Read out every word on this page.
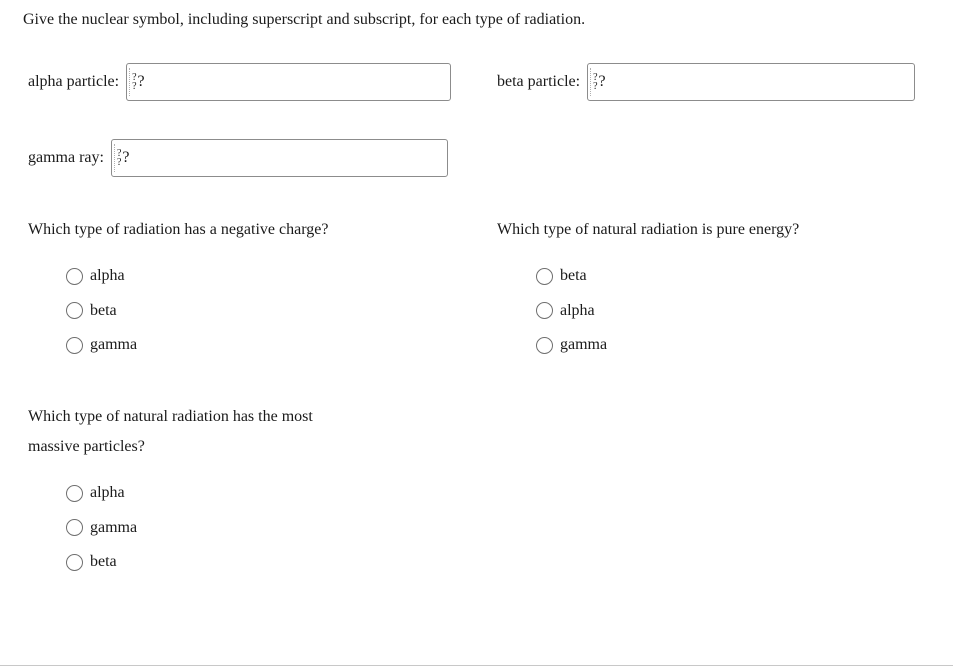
Give the nuclear symbol, including superscript and subscript, for each type of radiation.
alpha particle: ?
? ?	beta particle: ?
? ?
gamma ray: ?
? ?
Which type of radiation has a negative charge?
alpha
beta
gamma
Which type of natural radiation is pure energy?
beta
alpha
gamma
Which type of natural radiation has the most
massive particles?
alpha
gamma
beta
